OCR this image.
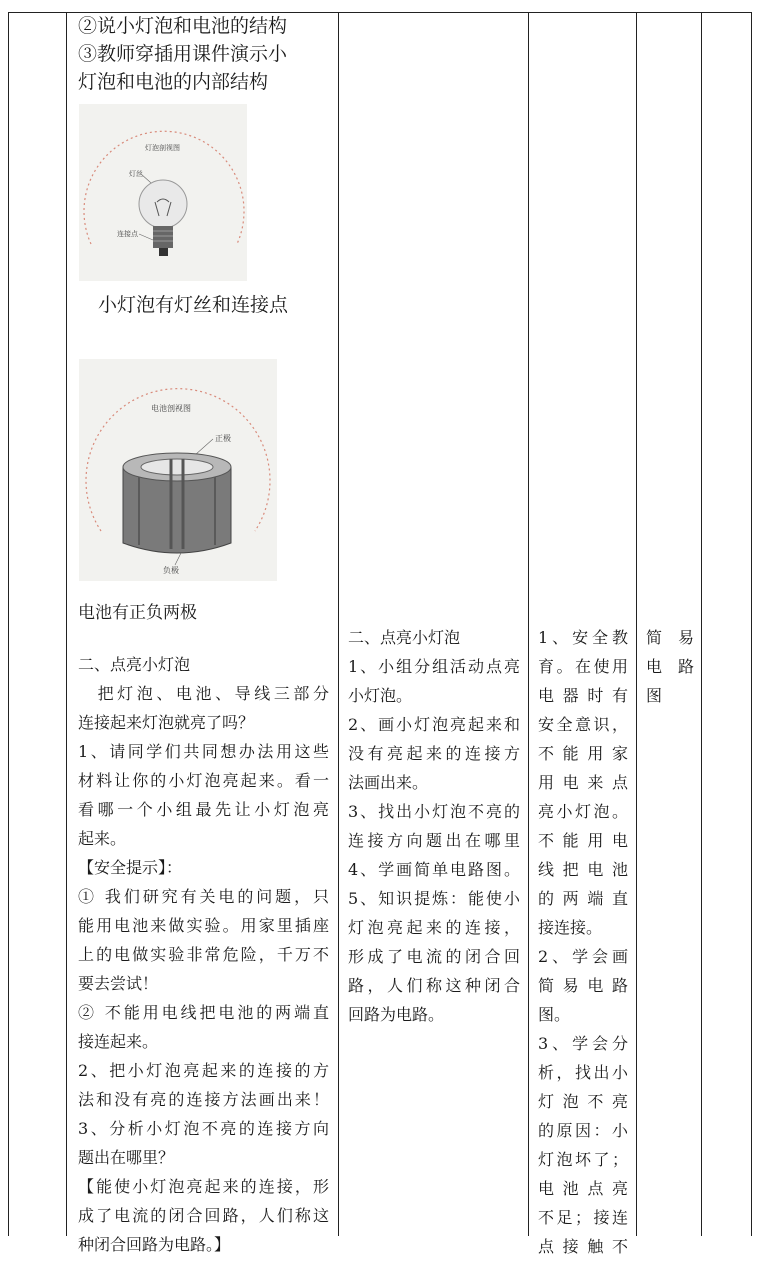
②说小灯泡和电池的结构
③教师穿插用课件演示小
灯泡和电池的内部结构
灯泡剖视图
灯丝
连接点
小灯泡有灯丝和连接点
电池剖视图
正极
负极
电池有正负两极
二、点亮小灯泡
　把灯泡、电池、导线三部分
连接起来灯泡就亮了吗？
1、请同学们共同想办法用这些
材料让你的小灯泡亮起来。看一
看哪一个小组最先让小灯泡亮
起来。
【安全提示】：
① 我们研究有关电的问题，只
能用电池来做实验。用家里插座
上的电做实验非常危险，千万不
要去尝试！
② 不能用电线把电池的两端直
接连起来。
2、把小灯泡亮起来的连接的方
法和没有亮的连接方法画出来！
3、分析小灯泡不亮的连接方向
题出在哪里？
【能使小灯泡亮起来的连接，形
成了电流的闭合回路，人们称这
种闭合回路为电路。】
二、点亮小灯泡
1、小组分组活动点亮
小灯泡。
2、画小灯泡亮起来和
没有亮起来的连接方
法画出来。
3、找出小灯泡不亮的
连接方向题出在哪里
4、学画简单电路图。
5、知识提炼：能使小
灯泡亮起来的连接，
形成了电流的闭合回
路，人们称这种闭合
回路为电路。
1、安全教
育。在使用
电器时有
安全意识，
不能用家
用电来点
亮小灯泡。
不能用电
线把电池
的两端直
接连接。
2、学会画
简易电路
图。
3、学会分
析，找出小
灯泡不亮
的原因：小
灯泡坏了；
电池点亮
不足；接连
点接触不
简易
电路
图
